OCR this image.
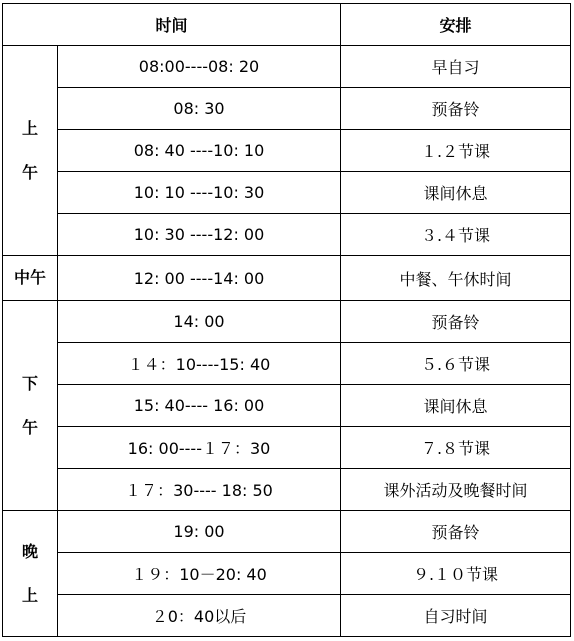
时间		安排

上
午	08:00----08: 20	早自习
	08: 30	预备铃
	08: 40 ----10: 10	１.２节课
	10: 10 ----10: 30	课间休息
	10: 30 ----12: 00	３.４节课

中午	12: 00 ----14: 00	中餐、午休时间

下
午	14: 00	预备铃
	１４：10----15: 40	５.６节课
	15: 40---- 16: 00	课间休息
	16: 00----１７：30	７.８节课
	１７：30---- 18: 50	课外活动及晚餐时间

晚
上	19: 00	预备铃
	１９：10－20: 40	９.１０节课
	２0：40以后	自习时间
